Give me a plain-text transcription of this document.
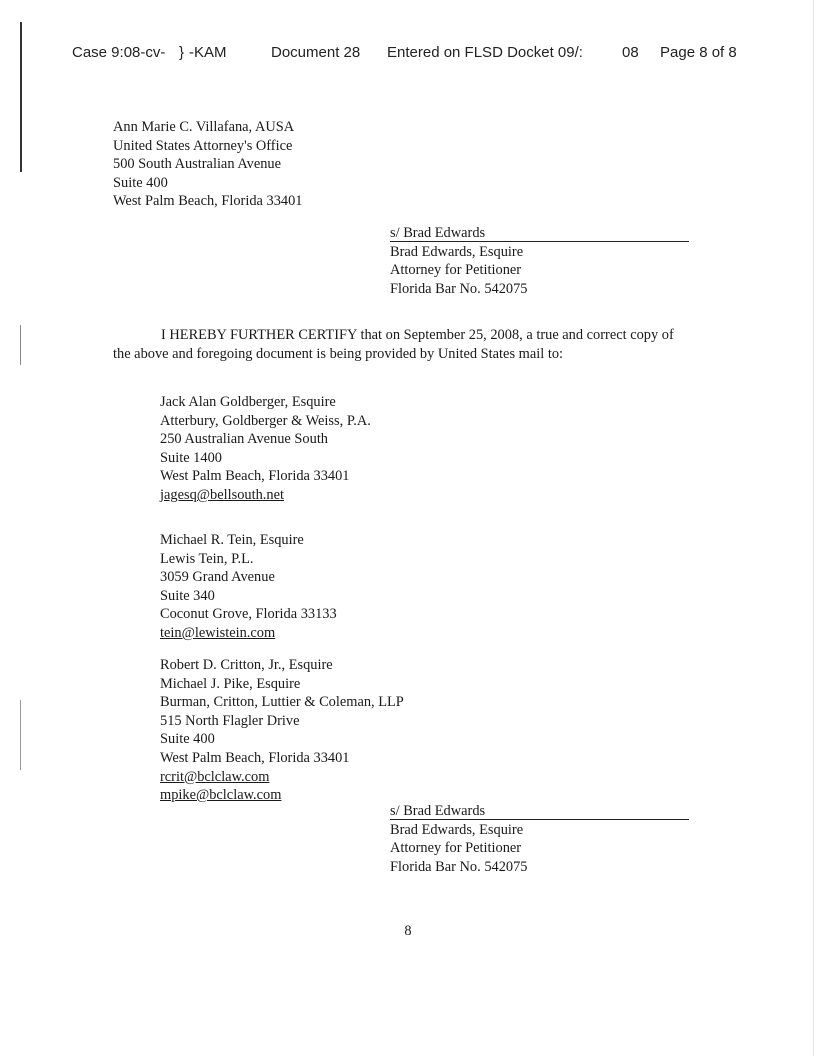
Case 9:08-cv- } -KAM	Document 28 Entered on FLSD Docket 09/:	08 Page 8 of 8
Ann Marie C. Villafana, AUSA
United States Attorney's Office
500 South Australian Avenue
Suite 400
West Palm Beach, Florida 33401
s/ Brad Edwards
Brad Edwards, Esquire
Attorney for Petitioner
Florida Bar No. 542075
I HEREBY FURTHER CERTIFY that on September 25, 2008, a true and correct copy of
the above and foregoing document is being provided by United States mail to:
Jack Alan Goldberger, Esquire
Atterbury, Goldberger & Weiss, P.A.
250 Australian Avenue South
Suite 1400
West Palm Beach, Florida 33401
jagesq@bellsouth.net
Michael R. Tein, Esquire
Lewis Tein, P.L.
3059 Grand Avenue
Suite 340
Coconut Grove, Florida 33133
tein@lewistein.com
Robert D. Critton, Jr., Esquire
Michael J. Pike, Esquire
Burman, Critton, Luttier & Coleman, LLP
515 North Flagler Drive
Suite 400
West Palm Beach, Florida 33401
rcrit@bclclaw.com
mpike@bclclaw.com
s/ Brad Edwards
Brad Edwards, Esquire
Attorney for Petitioner
Florida Bar No. 542075
8
